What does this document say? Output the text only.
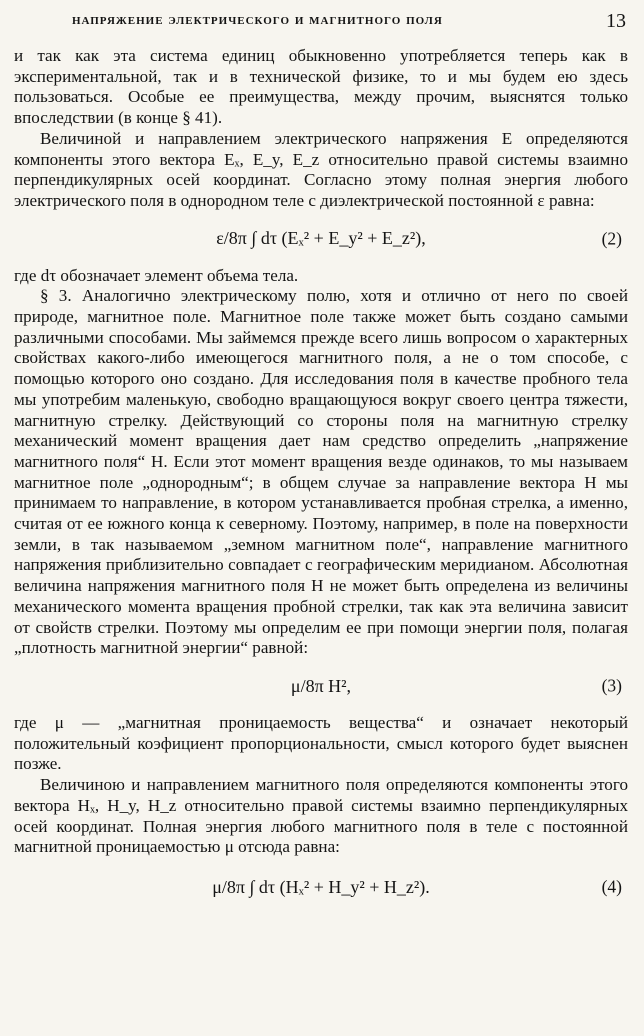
напряжение электрического и магнитного поля	13

и так как эта система единиц обыкновенно употребляется теперь как в экспериментальной, так и в технической физике, то и мы будем ею здесь пользоваться. Особые ее преимущества, между прочим, выяснятся только впоследствии (в конце § 41).

Величиной и направлением электрического напряжения E определяются компоненты этого вектора Eₓ, E_y, E_z относительно правой системы взаимно перпендикулярных осей координат. Согласно этому полная энергия любого электрического поля в однородном теле с диэлектрической постоянной ε равна:

ε/8π ∫ dτ (Eₓ² + E_y² + E_z²),	(2)

где dτ обозначает элемент объема тела.

§ 3. Аналогично электрическому полю, хотя и отлично от него по своей природе, магнитное поле. Магнитное поле также может быть создано самыми различными способами. Мы займемся прежде всего лишь вопросом о характерных свойствах какого-либо имеющегося магнитного поля, а не о том способе, с помощью которого оно создано. Для исследования поля в качестве пробного тела мы употребим маленькую, свободно вращающуюся вокруг своего центра тяжести, магнитную стрелку. Действующий со стороны поля на магнитную стрелку механический момент вращения дает нам средство определить „напряжение магнитного поля“ H. Если этот момент вращения везде одинаков, то мы называем магнитное поле „однородным“; в общем случае за направление вектора H мы принимаем то направление, в котором устанавливается пробная стрелка, а именно, считая от ее южного конца к северному. Поэтому, например, в поле на поверхности земли, в так называемом „земном магнитном поле“, направление магнитного напряжения приблизительно совпадает с географическим меридианом. Абсолютная величина напряжения магнитного поля H не может быть определена из величины механического момента вращения пробной стрелки, так как эта величина зависит от свойств стрелки. Поэтому мы определим ее при помощи энергии поля, полагая „плотность магнитной энергии“ равной:

μ/8π H²,	(3)

где μ — „магнитная проницаемость вещества“ и означает некоторый положительный коэфициент пропорциональности, смысл которого будет выяснен позже.

Величиною и направлением магнитного поля определяются компоненты этого вектора Hₓ, H_y, H_z относительно правой системы взаимно перпендикулярных осей координат. Полная энергия любого магнитного поля в теле с постоянной магнитной проницаемостью μ отсюда равна:

μ/8π ∫ dτ (Hₓ² + H_y² + H_z²).	(4)
